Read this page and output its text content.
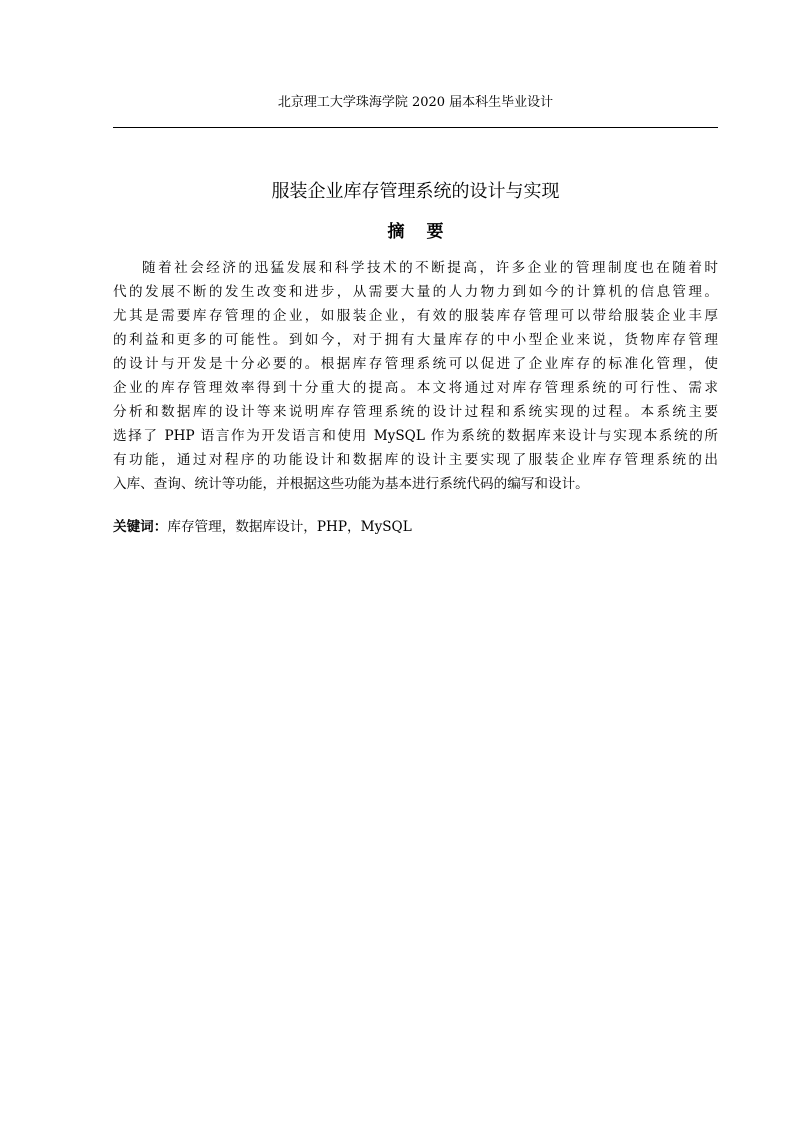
北京理工大学珠海学院 2020 届本科生毕业设计
服装企业库存管理系统的设计与实现
摘要
随着社会经济的迅猛发展和科学技术的不断提高，许多企业的管理制度也在随着时
代的发展不断的发生改变和进步，从需要大量的人力物力到如今的计算机的信息管理。
尤其是需要库存管理的企业，如服装企业，有效的服装库存管理可以带给服装企业丰厚
的利益和更多的可能性。到如今，对于拥有大量库存的中小型企业来说，货物库存管理
的设计与开发是十分必要的。根据库存管理系统可以促进了企业库存的标准化管理，使
企业的库存管理效率得到十分重大的提高。本文将通过对库存管理系统的可行性、需求
分析和数据库的设计等来说明库存管理系统的设计过程和系统实现的过程。本系统主要
选择了 PHP 语言作为开发语言和使用 MySQL 作为系统的数据库来设计与实现本系统的所
有功能，通过对程序的功能设计和数据库的设计主要实现了服装企业库存管理系统的出
入库、查询、统计等功能，并根据这些功能为基本进行系统代码的编写和设计。
关键词：库存管理，数据库设计，PHP，MySQL
